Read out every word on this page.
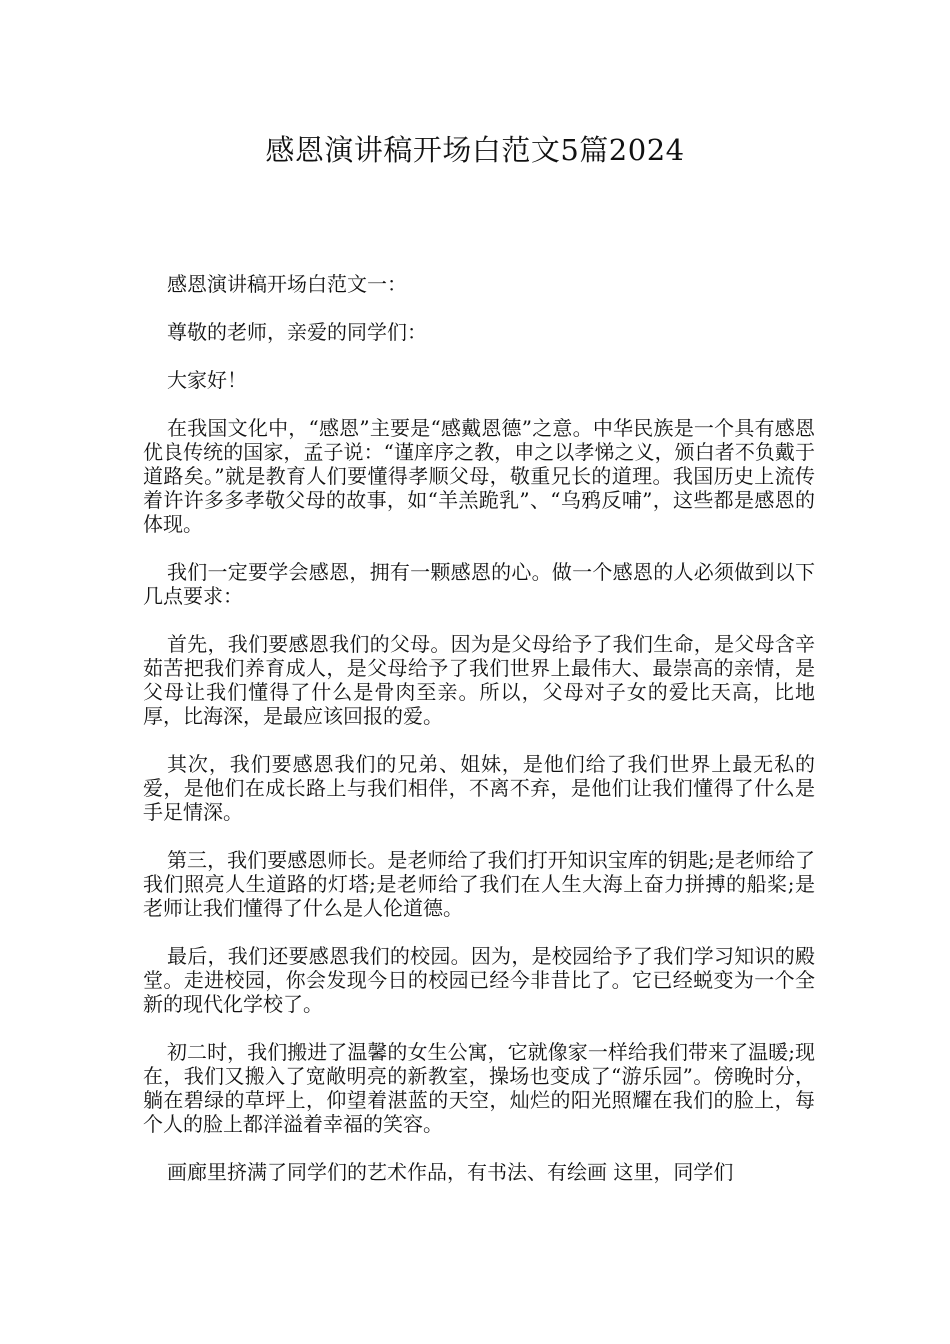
感恩演讲稿开场白范文5篇2024

感恩演讲稿开场白范文一：

尊敬的老师，亲爱的同学们：

大家好！

在我国文化中，“感恩”主要是“感戴恩德”之意。中华民族是一个具有感恩优良传统的国家，孟子说：“谨庠序之教，申之以孝悌之义，颁白者不负戴于道路矣。”就是教育人们要懂得孝顺父母，敬重兄长的道理。我国历史上流传着许许多多孝敬父母的故事，如“羊羔跪乳”、“乌鸦反哺”，这些都是感恩的体现。

我们一定要学会感恩，拥有一颗感恩的心。做一个感恩的人必须做到以下几点要求：

首先，我们要感恩我们的父母。因为是父母给予了我们生命，是父母含辛茹苦把我们养育成人，是父母给予了我们世界上最伟大、最崇高的亲情，是父母让我们懂得了什么是骨肉至亲。所以，父母对子女的爱比天高，比地厚，比海深，是最应该回报的爱。

其次，我们要感恩我们的兄弟、姐妹，是他们给了我们世界上最无私的爱，是他们在成长路上与我们相伴，不离不弃，是他们让我们懂得了什么是手足情深。

第三，我们要感恩师长。是老师给了我们打开知识宝库的钥匙;是老师给了我们照亮人生道路的灯塔;是老师给了我们在人生大海上奋力拼搏的船桨;是老师让我们懂得了什么是人伦道德。

最后，我们还要感恩我们的校园。因为，是校园给予了我们学习知识的殿堂。走进校园，你会发现今日的校园已经今非昔比了。它已经蜕变为一个全新的现代化学校了。

初二时，我们搬进了温馨的女生公寓，它就像家一样给我们带来了温暖;现在，我们又搬入了宽敞明亮的新教室，操场也变成了“游乐园”。傍晚时分，躺在碧绿的草坪上，仰望着湛蓝的天空，灿烂的阳光照耀在我们的脸上，每个人的脸上都洋溢着幸福的笑容。

画廊里挤满了同学们的艺术作品，有书法、有绘画 这里，同学们
